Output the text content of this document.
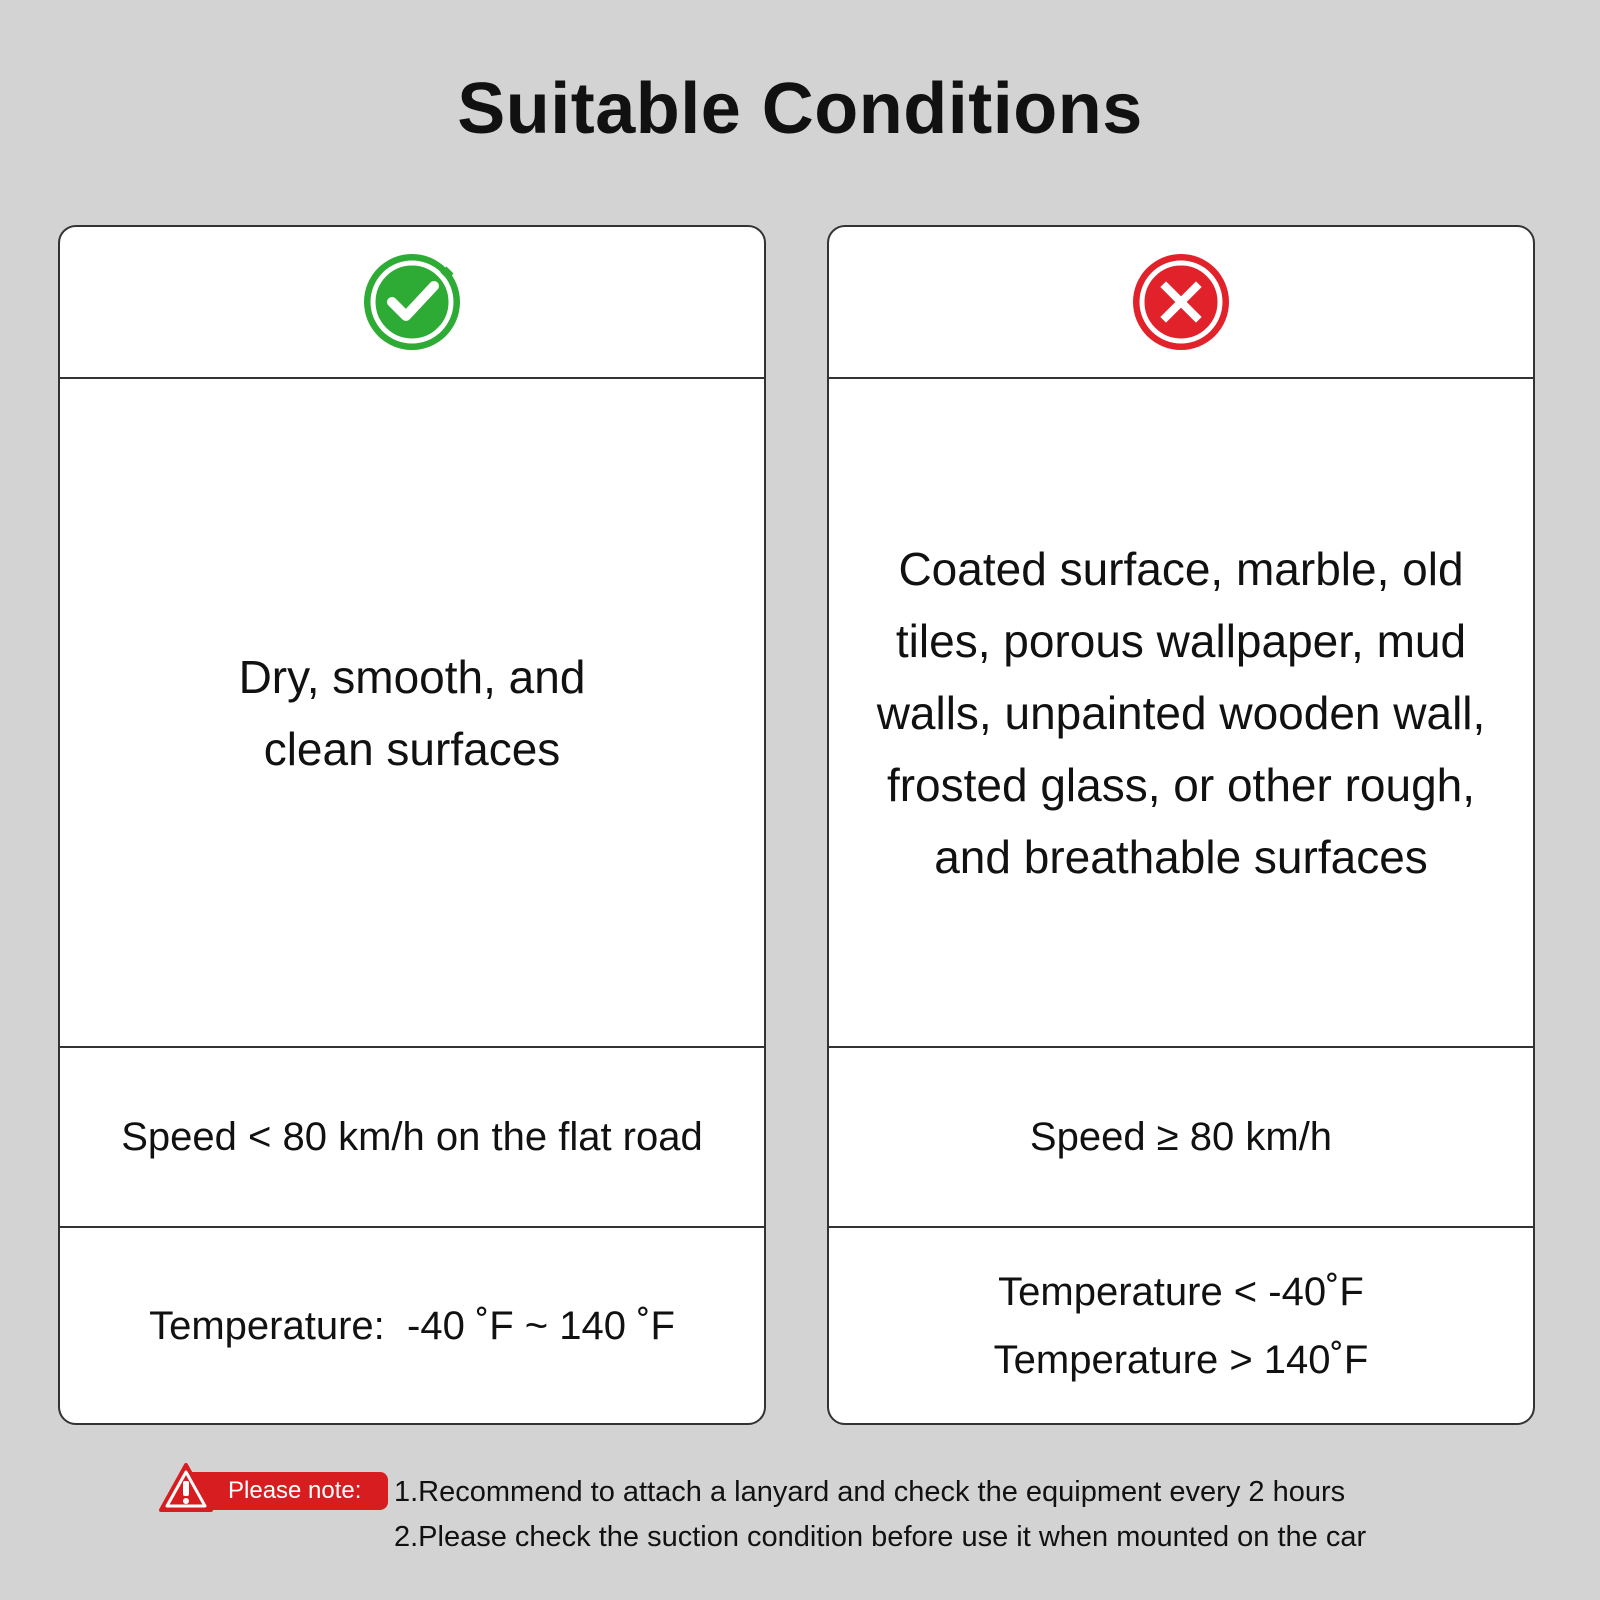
Suitable Conditions
Dry, smooth, and clean surfaces
Speed < 80 km/h on the flat road
Temperature:  -40 ˚F ~ 140 ˚F
Coated surface, marble, old tiles, porous wallpaper, mud walls, unpainted wooden wall, frosted glass, or other rough, and breathable surfaces
Speed ≥ 80 km/h
Temperature < -40˚F
Temperature > 140˚F
Please note: 1.Recommend to attach a lanyard and check the equipment every 2 hours
2.Please check the suction condition before use it when mounted on the car
